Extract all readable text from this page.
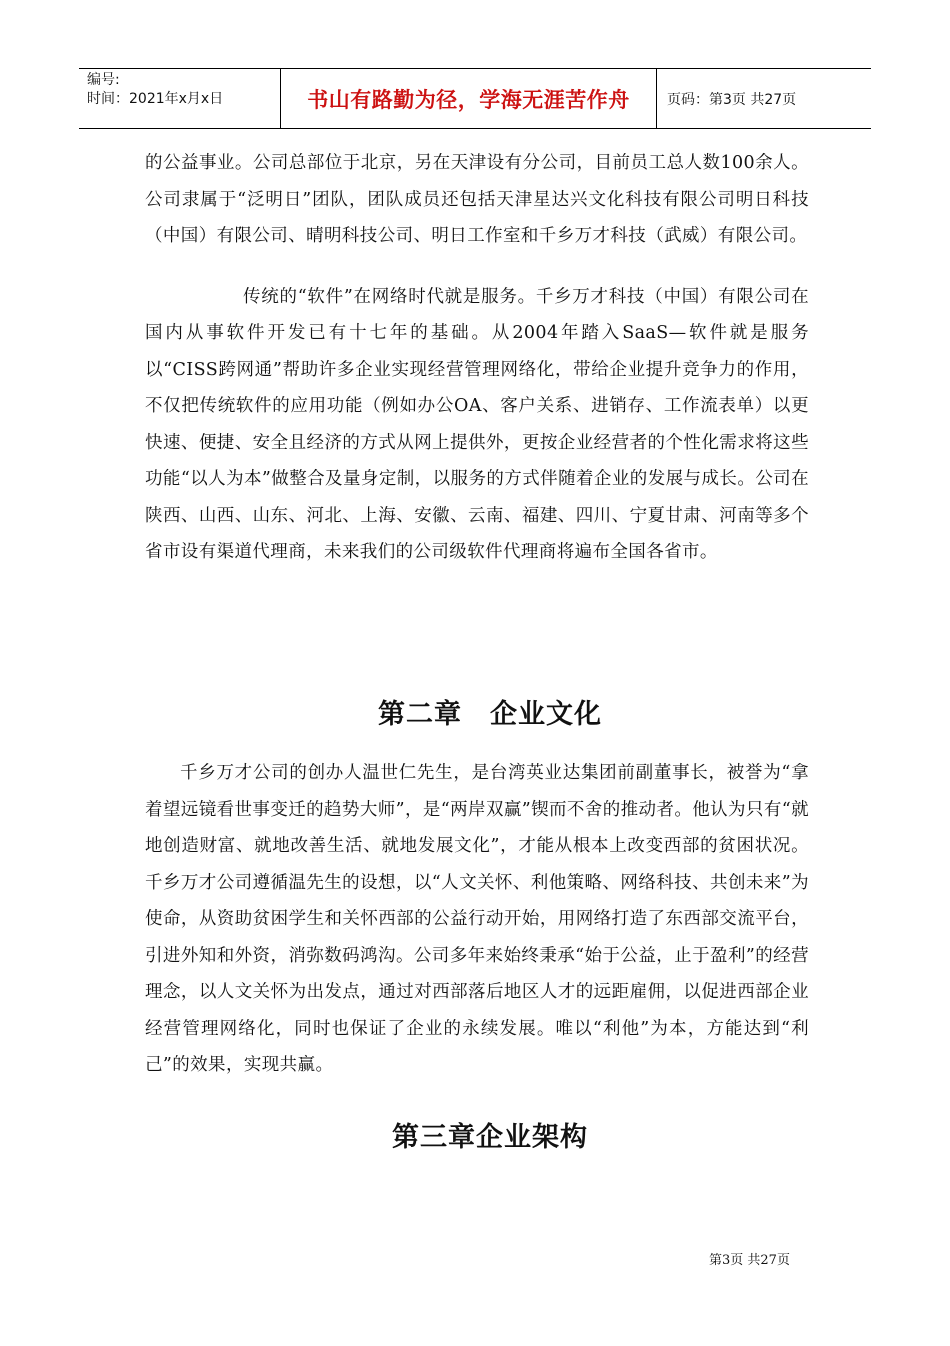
编号:
时间：2021年x月x日	书山有路勤为径，学海无涯苦作舟	页码：第3页 共27页

的公益事业。公司总部位于北京，另在天津设有分公司，目前员工总人数100余人。公司隶属于“泛明日”团队，团队成员还包括天津星达兴文化科技有限公司明日科技（中国）有限公司、晴明科技公司、明日工作室和千乡万才科技（武威）有限公司。

传统的“软件”在网络时代就是服务。千乡万才科技（中国）有限公司在国内从事软件开发已有十七年的基础。从2004年踏入SaaS—软件就是服务以“CISS跨网通”帮助许多企业实现经营管理网络化，带给企业提升竞争力的作用，不仅把传统软件的应用功能（例如办公OA、客户关系、进销存、工作流表单）以更快速、便捷、安全且经济的方式从网上提供外，更按企业经营者的个性化需求将这些功能“以人为本”做整合及量身定制，以服务的方式伴随着企业的发展与成长。公司在陕西、山西、山东、河北、上海、安徽、云南、福建、四川、宁夏甘肃、河南等多个省市设有渠道代理商，未来我们的公司级软件代理商将遍布全国各省市。

第二章　企业文化

千乡万才公司的创办人温世仁先生，是台湾英业达集团前副董事长，被誉为“拿着望远镜看世事变迁的趋势大师”，是“两岸双赢”锲而不舍的推动者。他认为只有“就地创造财富、就地改善生活、就地发展文化”，才能从根本上改变西部的贫困状况。千乡万才公司遵循温先生的设想，以“人文关怀、利他策略、网络科技、共创未来”为使命，从资助贫困学生和关怀西部的公益行动开始，用网络打造了东西部交流平台，引进外知和外资，消弥数码鸿沟。公司多年来始终秉承“始于公益，止于盈利”的经营理念，以人文关怀为出发点，通过对西部落后地区人才的远距雇佣，以促进西部企业经营管理网络化，同时也保证了企业的永续发展。唯以“利他”为本，方能达到“利己”的效果，实现共赢。

第三章企业架构
第3页 共27页
